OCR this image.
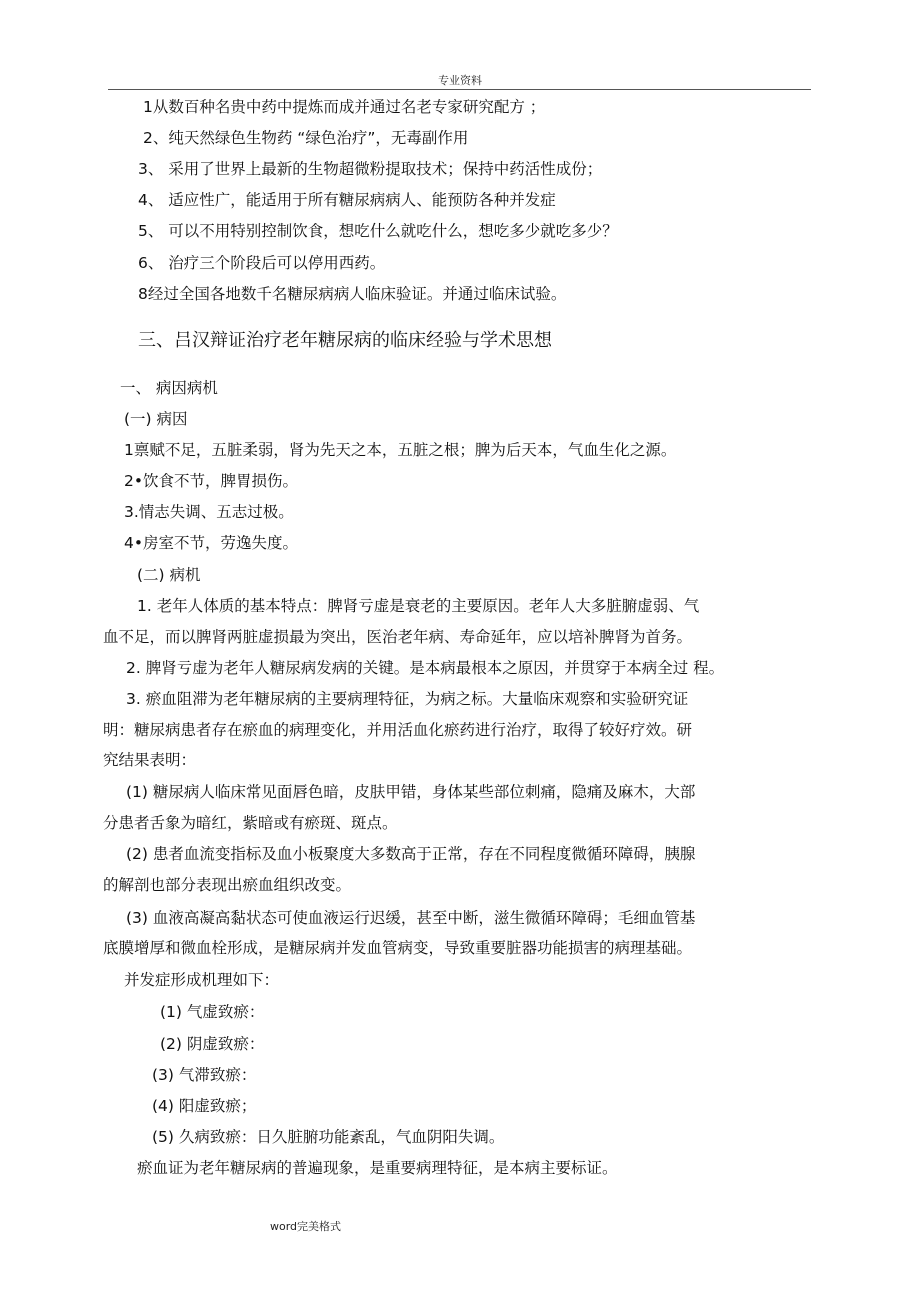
专业资料
1从数百种名贵中药中提炼而成并通过名老专家研究配方 ；
2、纯天然绿色生物药 “绿色治疗”，无毒副作用
3、 采用了世界上最新的生物超微粉提取技术；保持中药活性成份；
4、 适应性广，能适用于所有糖尿病病人、能预防各种并发症
5、 可以不用特别控制饮食，想吃什么就吃什么，想吃多少就吃多少？
6、 治疗三个阶段后可以停用西药。
8经过全国各地数千名糖尿病病人临床验证。并通过临床试验。
三、吕汉辩证治疗老年糖尿病的临床经验与学术思想
一、 病因病机
(一) 病因
1禀赋不足，五脏柔弱，肾为先天之本，五脏之根；脾为后天本，气血生化之源。
2•饮食不节，脾胃损伤。
3.情志失调、五志过极。
4•房室不节，劳逸失度。
(二) 病机
1. 老年人体质的基本特点：脾肾亏虚是衰老的主要原因。老年人大多脏腑虚弱、气
血不足，而以脾肾两脏虚损最为突出，医治老年病、寿命延年，应以培补脾肾为首务。
2. 脾肾亏虚为老年人糖尿病发病的关键。是本病最根本之原因，并贯穿于本病全过 程。
3. 瘀血阻滞为老年糖尿病的主要病理特征，为病之标。大量临床观察和实验研究证
明：糖尿病患者存在瘀血的病理变化，并用活血化瘀药进行治疗，取得了较好疗效。研
究结果表明：
(1) 糖尿病人临床常见面唇色暗，皮肤甲错，身体某些部位刺痛，隐痛及麻木，大部
分患者舌象为暗红，紫暗或有瘀斑、斑点。
(2) 患者血流变指标及血小板聚度大多数高于正常，存在不同程度微循环障碍，胰腺
的解剖也部分表现出瘀血组织改变。
(3) 血液高凝高黏状态可使血液运行迟缓，甚至中断，滋生微循环障碍；毛细血管基
底膜增厚和微血栓形成，是糖尿病并发血管病变，导致重要脏器功能损害的病理基础。
并发症形成机理如下：
(1) 气虚致瘀：
(2) 阴虚致瘀：
(3) 气滞致瘀：
(4) 阳虚致瘀；
(5) 久病致瘀：日久脏腑功能紊乱，气血阴阳失调。
瘀血证为老年糖尿病的普遍现象，是重要病理特征，是本病主要标证。
word完美格式
